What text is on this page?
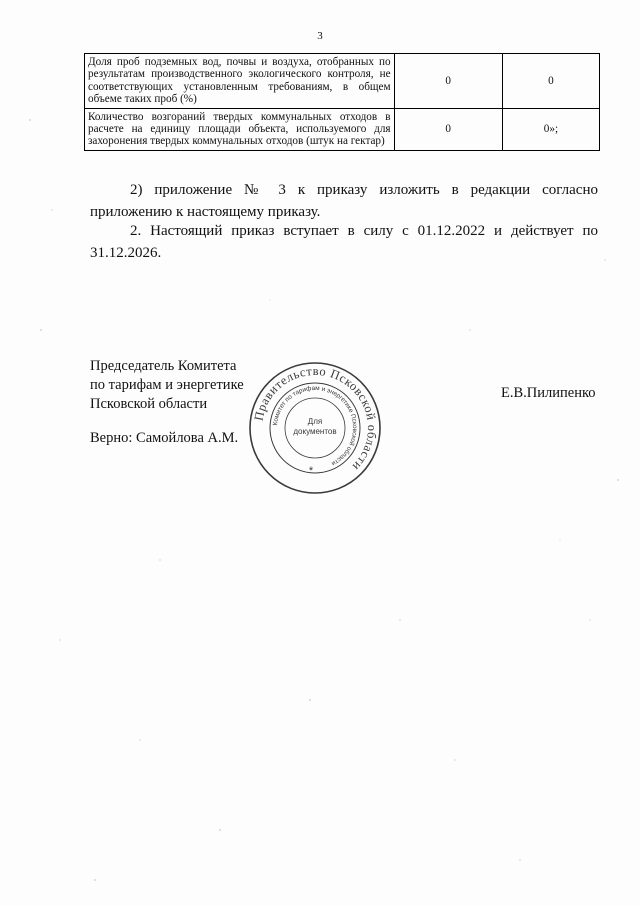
3
Доля проб подземных вод, почвы и воздуха, отобранных по результатам производственного экологического контроля, не соответствующих установленным требованиям, в общем объеме таких проб (%)	0	0
Количество возгораний твердых коммунальных отходов в расчете на единицу площади объекта, используемого для захоронения твердых коммунальных отходов (штук на гектар)	0	0»;
2) приложение № 3 к приказу изложить в редакции согласно приложению к настоящему приказу.
2. Настоящий приказ вступает в силу с 01.12.2022 и действует по 31.12.2026.
Председатель Комитета
по тарифам и энергетике
Псковской области
Е.В.Пилипенко
Верно: Самойлова А.М.
Правительство Псковской области
Комитет по тарифам и энергетике Псковской области
Для
документов
*
